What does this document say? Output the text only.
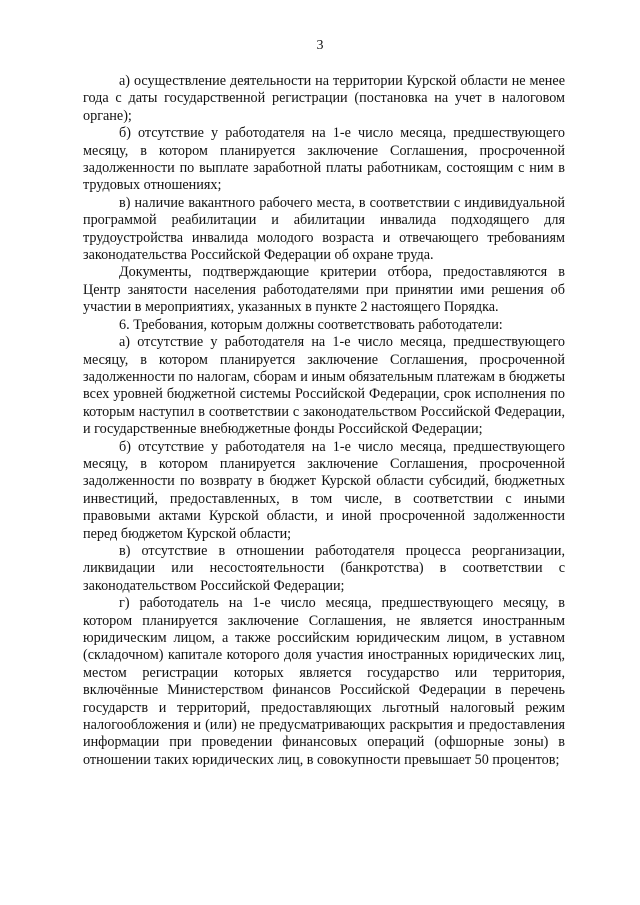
3

а) осуществление деятельности на территории Курской области не менее года с даты государственной регистрации (постановка на учет в налоговом органе);

б) отсутствие у работодателя на 1-е число месяца, предшествующего месяцу, в котором планируется заключение Соглашения, просроченной задолженности по выплате заработной платы работникам, состоящим с ним в трудовых отношениях;

в) наличие вакантного рабочего места, в соответствии с индивидуальной программой реабилитации и абилитации инвалида подходящего для трудоустройства инвалида молодого возраста и отвечающего требованиям законодательства Российской Федерации об охране труда.

Документы, подтверждающие критерии отбора, предоставляются в Центр занятости населения работодателями при принятии ими решения об участии в мероприятиях, указанных в пункте 2 настоящего Порядка.

6. Требования, которым должны соответствовать работодатели:

а) отсутствие у работодателя на 1-е число месяца, предшествующего месяцу, в котором планируется заключение Соглашения, просроченной задолженности по налогам, сборам и иным обязательным платежам в бюджеты всех уровней бюджетной системы Российской Федерации, срок исполнения по которым наступил в соответствии с законодательством Российской Федерации, и государственные внебюджетные фонды Российской Федерации;

б) отсутствие у работодателя на 1-е число месяца, предшествующего месяцу, в котором планируется заключение Соглашения, просроченной задолженности по возврату в бюджет Курской области субсидий, бюджетных инвестиций, предоставленных, в том числе, в соответствии с иными правовыми актами Курской области, и иной просроченной задолженности перед бюджетом Курской области;

в) отсутствие в отношении работодателя процесса реорганизации, ликвидации или несостоятельности (банкротства) в соответствии с законодательством Российской Федерации;

г) работодатель на 1-е число месяца, предшествующего месяцу, в котором планируется заключение Соглашения, не является иностранным юридическим лицом, а также российским юридическим лицом, в уставном (складочном) капитале которого доля участия иностранных юридических лиц, местом регистрации которых является государство или территория, включённые Министерством финансов Российской Федерации в перечень государств и территорий, предоставляющих льготный налоговый режим налогообложения и (или) не предусматривающих раскрытия и предоставления информации при проведении финансовых операций (офшорные зоны) в отношении таких юридических лиц, в совокупности превышает 50 процентов;
